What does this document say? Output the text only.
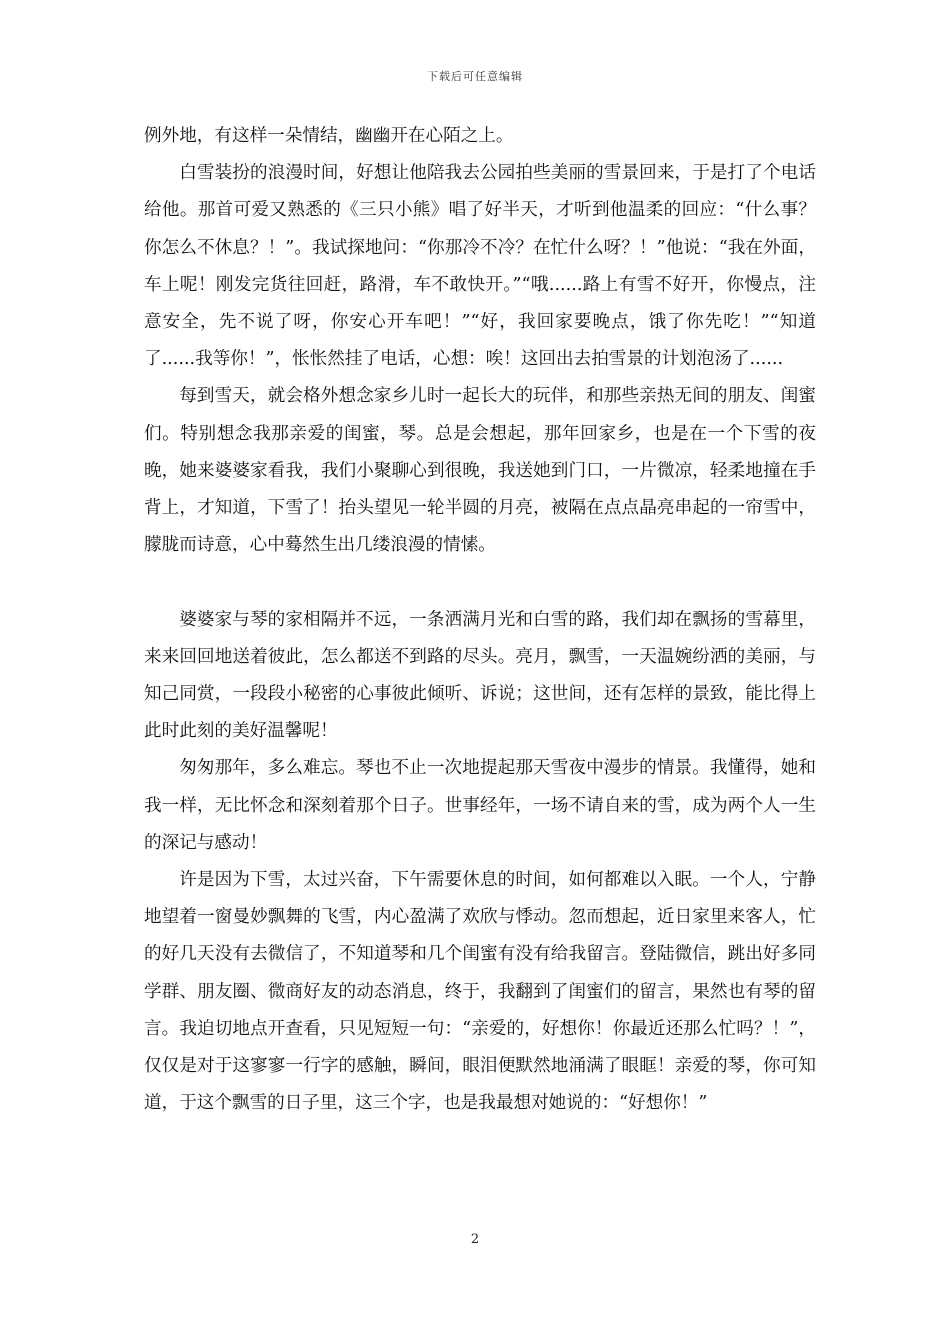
下载后可任意编辑

例外地，有这样一朵情结，幽幽开在心陌之上。

白雪装扮的浪漫时间，好想让他陪我去公园拍些美丽的雪景回来，于是打了个电话给他。那首可爱又熟悉的《三只小熊》唱了好半天，才听到他温柔的回应：“什么事？你怎么不休息？！”。我试探地问：“你那冷不冷？在忙什么呀？！”他说：“我在外面，车上呢！刚发完货往回赶，路滑，车不敢快开。”“哦......路上有雪不好开，你慢点，注意安全，先不说了呀，你安心开车吧！”“好，我回家要晚点，饿了你先吃！”“知道了......我等你！”，怅怅然挂了电话，心想：唉！这回出去拍雪景的计划泡汤了......

每到雪天，就会格外想念家乡儿时一起长大的玩伴，和那些亲热无间的朋友、闺蜜们。特别想念我那亲爱的闺蜜，琴。总是会想起，那年回家乡，也是在一个下雪的夜晚，她来婆婆家看我，我们小聚聊心到很晚，我送她到门口，一片微凉，轻柔地撞在手背上，才知道，下雪了！抬头望见一轮半圆的月亮，被隔在点点晶亮串起的一帘雪中，朦胧而诗意，心中蓦然生出几缕浪漫的情愫。

婆婆家与琴的家相隔并不远，一条洒满月光和白雪的路，我们却在飘扬的雪幕里，来来回回地送着彼此，怎么都送不到路的尽头。亮月，飘雪，一天温婉纷洒的美丽，与知己同赏，一段段小秘密的心事彼此倾听、诉说；这世间，还有怎样的景致，能比得上此时此刻的美好温馨呢！

匆匆那年，多么难忘。琴也不止一次地提起那天雪夜中漫步的情景。我懂得，她和我一样，无比怀念和深刻着那个日子。世事经年，一场不请自来的雪，成为两个人一生的深记与感动！

许是因为下雪，太过兴奋，下午需要休息的时间，如何都难以入眠。一个人，宁静地望着一窗曼妙飘舞的飞雪，内心盈满了欢欣与悸动。忽而想起，近日家里来客人，忙的好几天没有去微信了，不知道琴和几个闺蜜有没有给我留言。登陆微信，跳出好多同学群、朋友圈、微商好友的动态消息，终于，我翻到了闺蜜们的留言，果然也有琴的留言。我迫切地点开查看，只见短短一句：“亲爱的，好想你！你最近还那么忙吗？！”，仅仅是对于这寥寥一行字的感触，瞬间，眼泪便默然地涌满了眼眶！亲爱的琴，你可知道，于这个飘雪的日子里，这三个字，也是我最想对她说的：“好想你！”

2
